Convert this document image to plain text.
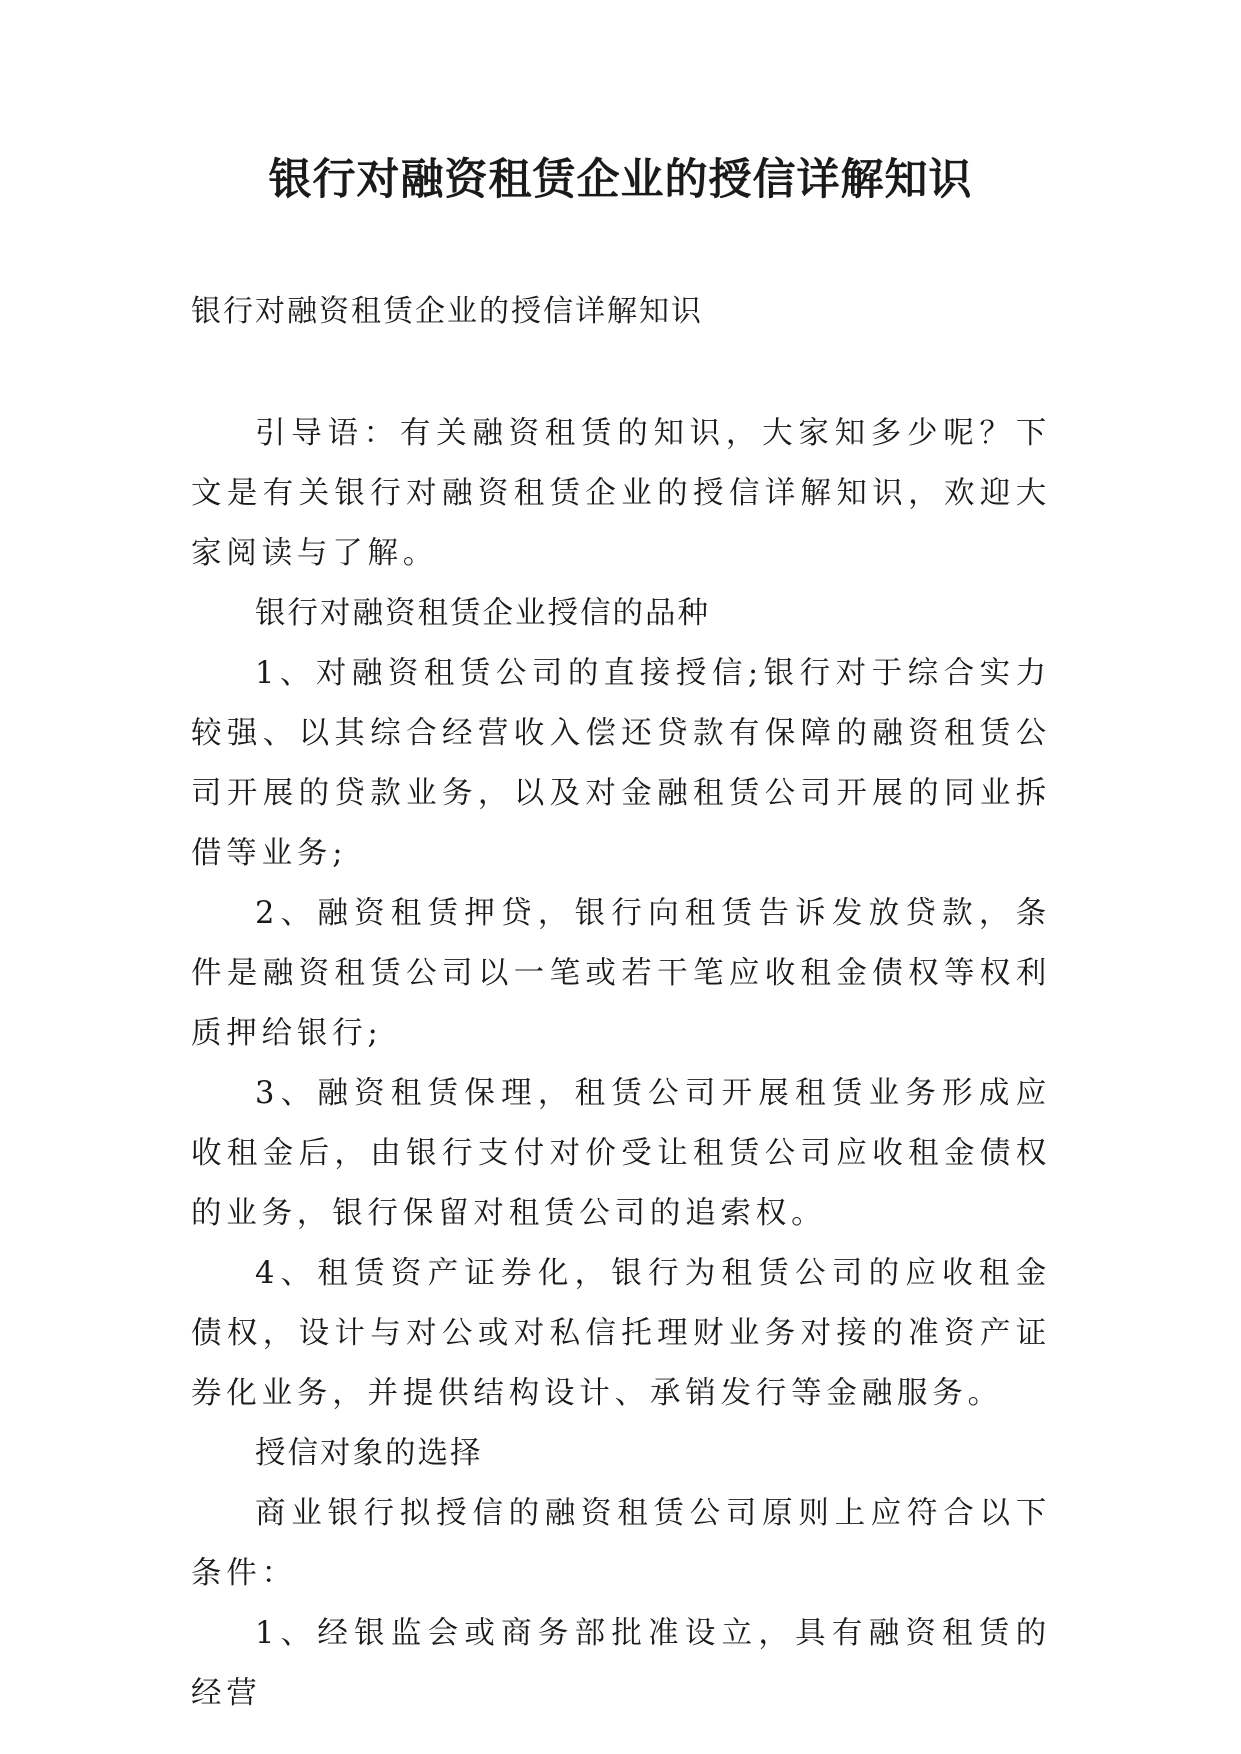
银行对融资租赁企业的授信详解知识

银行对融资租赁企业的授信详解知识

引导语：有关融资租赁的知识，大家知多少呢？下文是有关银行对融资租赁企业的授信详解知识，欢迎大家阅读与了解。

银行对融资租赁企业授信的品种

1、对融资租赁公司的直接授信;银行对于综合实力较强、以其综合经营收入偿还贷款有保障的融资租赁公司开展的贷款业务，以及对金融租赁公司开展的同业拆借等业务;

2、融资租赁押贷，银行向租赁告诉发放贷款，条件是融资租赁公司以一笔或若干笔应收租金债权等权利质押给银行;

3、融资租赁保理，租赁公司开展租赁业务形成应收租金后，由银行支付对价受让租赁公司应收租金债权的业务，银行保留对租赁公司的追索权。

4、租赁资产证券化，银行为租赁公司的应收租金债权，设计与对公或对私信托理财业务对接的准资产证券化业务，并提供结构设计、承销发行等金融服务。

授信对象的选择

商业银行拟授信的融资租赁公司原则上应符合以下条件：

1、经银监会或商务部批准设立，具有融资租赁的经营
